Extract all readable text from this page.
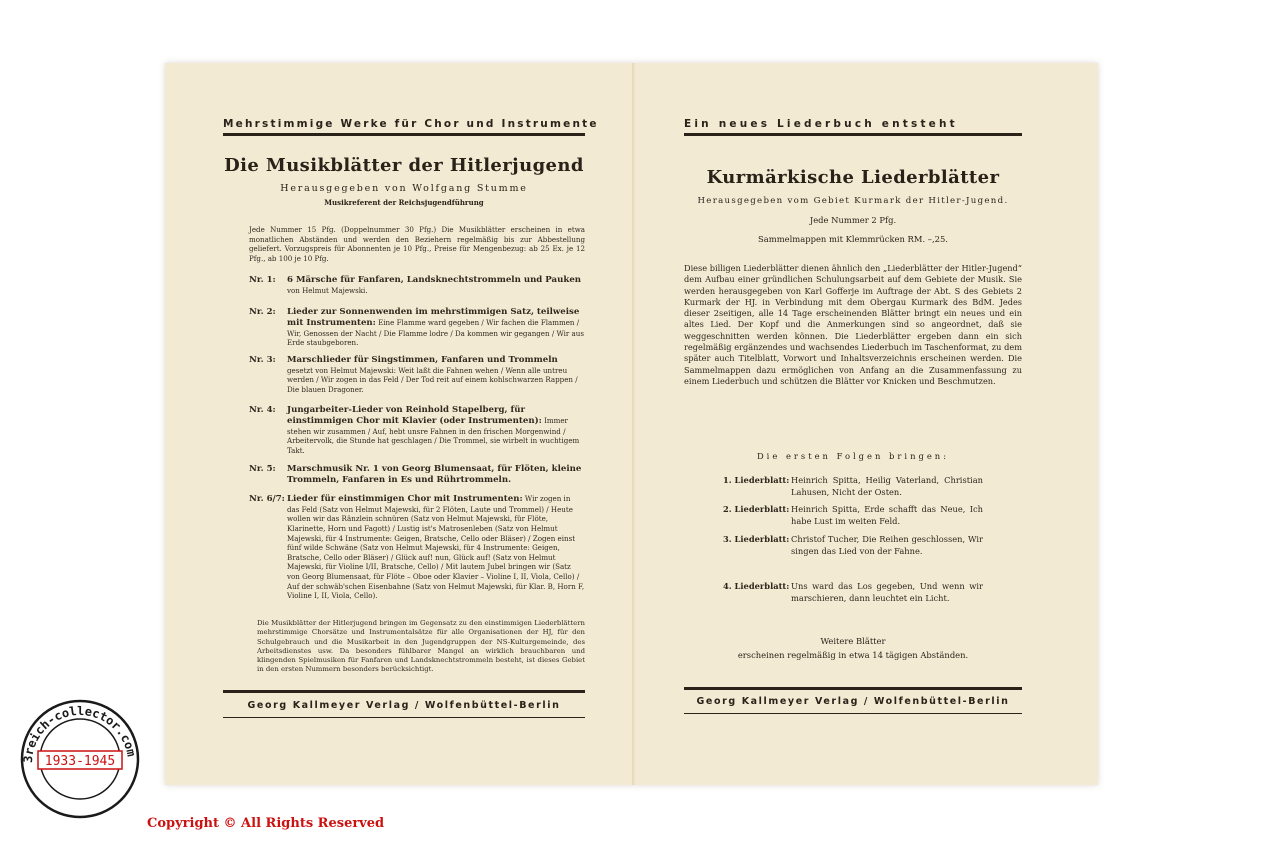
Mehrstimmige Werke für Chor und Instrumente
Die Musikblätter der Hitlerjugend
Herausgegeben von Wolfgang Stumme
Musikreferent der Reichsjugendführung
Jede Nummer 15 Pfg. (Doppelnummer 30 Pfg.) Die Musikblätter erscheinen in etwa monatlichen Abständen und werden den Beziehern regelmäßig bis zur Abbestellung geliefert. Vorzugspreis für Abonnenten je 10 Pfg., Preise für Mengenbezug: ab 25 Ex. je 12 Pfg., ab 100 je 10 Pfg.
Nr. 1: 6 Märsche für Fanfaren, Landsknechtstrommeln und Pauken
von Helmut Majewski.
Nr. 2: Lieder zur Sonnenwenden im mehrstimmigen Satz, teilweise mit Instrumenten: Eine Flamme ward gegeben / Wir fachen die Flammen / Wir, Genossen der Nacht / Die Flamme lodre / Da kommen wir gegangen / Wir aus Erde staubgeboren.
Nr. 3: Marschlieder für Singstimmen, Fanfaren und Trommeln gesetzt von Helmut Majewski: Weit laßt die Fahnen wehen / Wenn alle untreu werden / Wir zogen in das Feld / Der Tod reit auf einem kohlschwarzen Rappen / Die blauen Dragoner.
Nr. 4: Jungarbeiter-Lieder von Reinhold Stapelberg, für einstimmigen Chor mit Klavier (oder Instrumenten): Immer stehen wir zusammen / Auf, hebt unsre Fahnen in den frischen Morgenwind / Arbeitervolk, die Stunde hat geschlagen / Die Trommel, sie wirbelt in wuchtigem Takt.
Nr. 5: Marschmusik Nr. 1 von Georg Blumensaat, für Flöten, kleine Trommeln, Fanfaren in Es und Rührtrommeln.
Nr. 6/7: Lieder für einstimmigen Chor mit Instrumenten: Wir zogen in das Feld (Satz von Helmut Majewski, für 2 Flöten, Laute und Trommel) / Heute wollen wir das Ränzlein schnüren (Satz von Helmut Majewski, für Flöte, Klarinette, Horn und Fagott) / Lustig ist's Matrosenleben (Satz von Helmut Majewski, für 4 Instrumente: Geigen, Bratsche, Cello oder Bläser) / Zogen einst fünf wilde Schwäne (Satz von Helmut Majewski, für 4 Instrumente: Geigen, Bratsche, Cello oder Bläser) / Glück auf! nun, Glück auf! (Satz von Helmut Majewski, für Violine I/II, Bratsche, Cello) / Mit lautem Jubel bringen wir (Satz von Georg Blumensaat, für Flöte – Oboe oder Klavier – Violine I, II, Viola, Cello) / Auf der schwäb'schen Eisenbahne (Satz von Helmut Majewski, für Klar. B, Horn F, Violine I, II, Viola, Cello).
Die Musikblätter der Hitlerjugend bringen im Gegensatz zu den einstimmigen Liederblättern mehrstimmige Chorsätze und Instrumentalsätze für alle Organisationen der HJ, für den Schulgebrauch und die Musikarbeit in den Jugendgruppen der NS-Kulturgemeinde, des Arbeitsdienstes usw. Da besonders fühlbarer Mangel an wirklich brauchbaren und klingenden Spielmusiken für Fanfaren und Landsknechtstrommeln besteht, ist dieses Gebiet in den ersten Nummern besonders berücksichtigt.
Georg Kallmeyer Verlag / Wolfenbüttel-Berlin
Ein neues Liederbuch entsteht
Kurmärkische Liederblätter
Herausgegeben vom Gebiet Kurmark der Hitler-Jugend.
Jede Nummer 2 Pfg.
Sammelmappen mit Klemmrücken RM. –,25.
Diese billigen Liederblätter dienen ähnlich den „Liederblätter der Hitler-Jugend“ dem Aufbau einer gründlichen Schulungsarbeit auf dem Gebiete der Musik. Sie werden herausgegeben von Karl Gofferje im Auftrage der Abt. S des Gebiets 2 Kurmark der HJ. in Verbindung mit dem Obergau Kurmark des BdM. Jedes dieser 2seitigen, alle 14 Tage erscheinenden Blätter bringt ein neues und ein altes Lied. Der Kopf und die Anmerkungen sind so angeordnet, daß sie weggeschnitten werden können. Die Liederblätter ergeben dann ein sich regelmäßig ergänzendes und wachsendes Liederbuch im Taschenformat, zu dem später auch Titelblatt, Vorwort und Inhaltsverzeichnis erscheinen werden. Die Sammelmappen dazu ermöglichen von Anfang an die Zusammenfassung zu einem Liederbuch und schützen die Blätter vor Knicken und Beschmutzen.
Die ersten Folgen bringen:
1. Liederblatt: Heinrich Spitta, Heilig Vaterland, Christian Lahusen, Nicht der Osten.
2. Liederblatt: Heinrich Spitta, Erde schafft das Neue, Ich habe Lust im weiten Feld.
3. Liederblatt: Christof Tucher, Die Reihen geschlossen, Wir singen das Lied von der Fahne.
4. Liederblatt: Uns ward das Los gegeben, Und wenn wir marschieren, dann leuchtet ein Licht.
Weitere Blätter
erscheinen regelmäßig in etwa 14 tägigen Abständen.
Georg Kallmeyer Verlag / Wolfenbüttel-Berlin
3reich-collector.com
1933-1945
Copyright © All Rights Reserved
